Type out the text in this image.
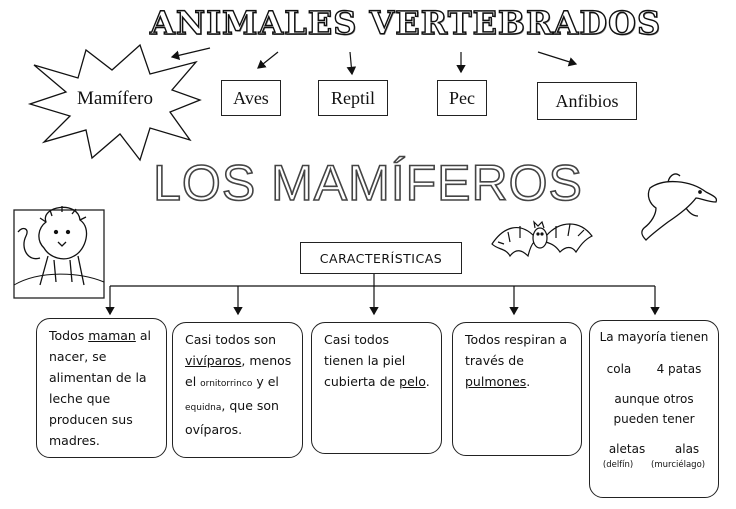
ANIMALES VERTEBRADOS
Mamífero	Aves	Reptil	Pec	Anfibios
LOS MAMÍFEROS
CARACTERÍSTICAS
Todos maman al nacer, se alimentan de la leche que producen sus madres.
Casi todos son vivíparos, menos el ornitorrinco y el equidna, que son ovíparos.
Casi todos tienen la piel cubierta de pelo.
Todos respiran a través de pulmones.
La mayoría tienen
cola 4 patas
aunque otros pueden tener
aletas alas
(delfín) (murciélago)
